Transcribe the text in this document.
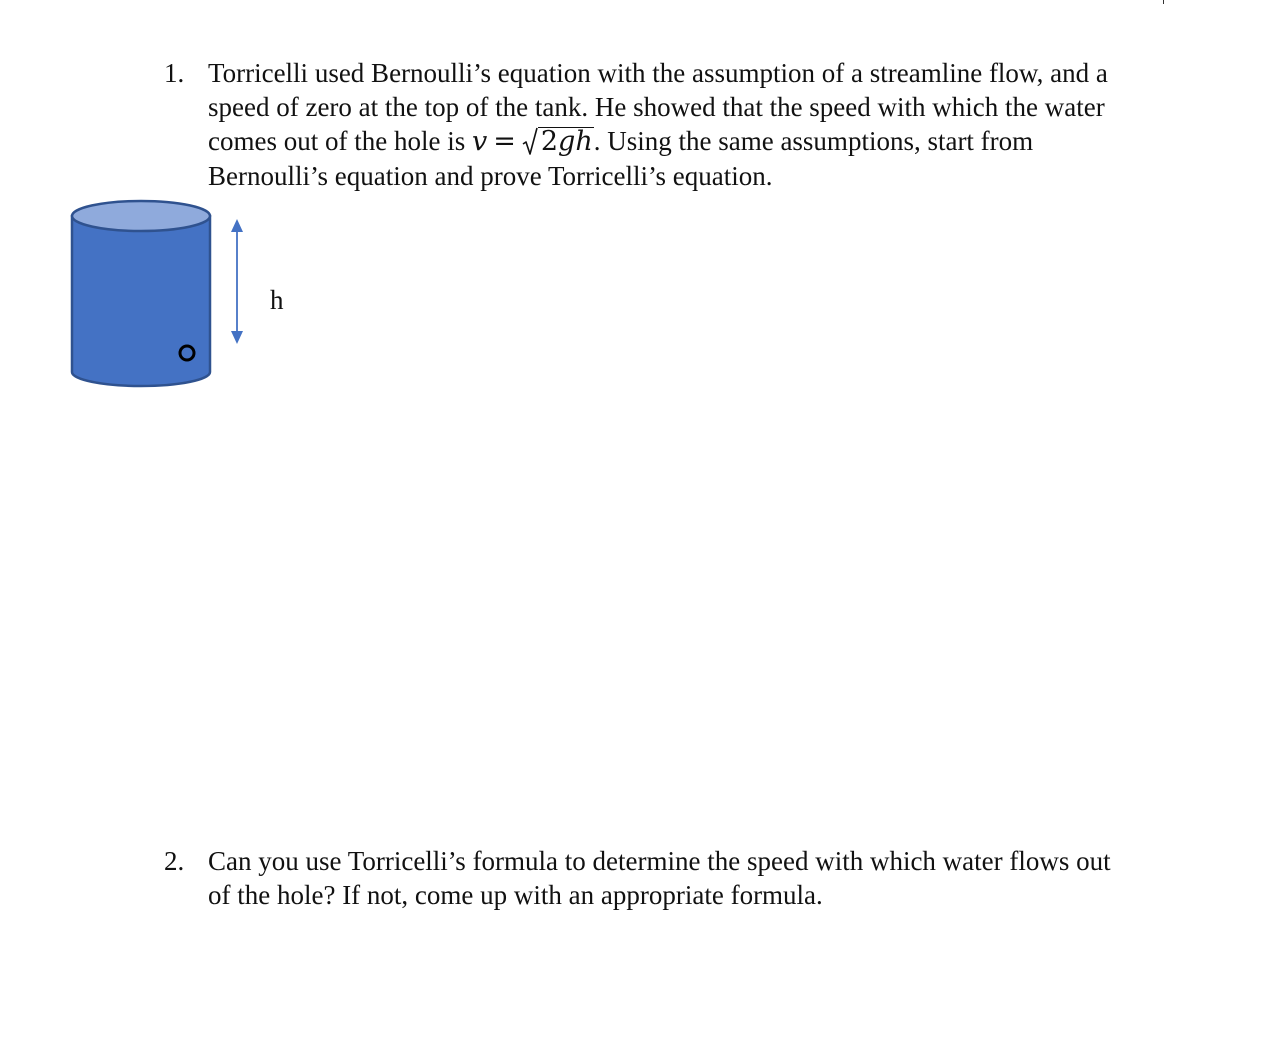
1. Torricelli used Bernoulli’s equation with the assumption of a streamline flow, and a
speed of zero at the top of the tank. He showed that the speed with which the water
comes out of the hole is v = 2gh. Using the same assumptions, start from
Bernoulli’s equation and prove Torricelli’s equation.
h
2. Can you use Torricelli’s formula to determine the speed with which water flows out
of the hole? If not, come up with an appropriate formula.
